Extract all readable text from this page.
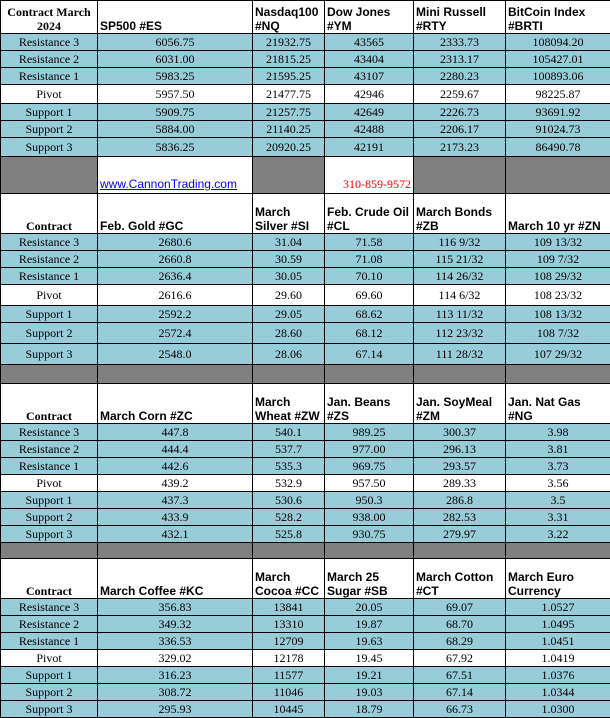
Contract March 2024	SP500 #ES	Nasdaq100 #NQ	Dow Jones #YM	Mini Russell #RTY	BitCoin Index #BRTI
Resistance 3	6056.75	21932.75	43565	2333.73	108094.20
Resistance 2	6031.00	21815.25	43404	2313.17	105427.01
Resistance 1	5983.25	21595.25	43107	2280.23	100893.06
Pivot	5957.50	21477.75	42946	2259.67	98225.87
Support 1	5909.75	21257.75	42649	2226.73	93691.92
Support 2	5884.00	21140.25	42488	2206.17	91024.73
Support 3	5836.25	20920.25	42191	2173.23	86490.78
	www.CannonTrading.com		310-859-9572		
Contract	Feb. Gold #GC	March Silver #SI	Feb. Crude Oil #CL	March Bonds #ZB	March 10 yr #ZN
Resistance 3	2680.6	31.04	71.58	116 9/32	109 13/32
Resistance 2	2660.8	30.59	71.08	115 21/32	109 7/32
Resistance 1	2636.4	30.05	70.10	114 26/32	108 29/32
Pivot	2616.6	29.60	69.60	114 6/32	108 23/32
Support 1	2592.2	29.05	68.62	113 11/32	108 13/32
Support 2	2572.4	28.60	68.12	112 23/32	108 7/32
Support 3	2548.0	28.06	67.14	111 28/32	107 29/32

Contract	March Corn #ZC	March Wheat #ZW	Jan. Beans #ZS	Jan. SoyMeal #ZM	Jan. Nat Gas #NG
Resistance 3	447.8	540.1	989.25	300.37	3.98
Resistance 2	444.4	537.7	977.00	296.13	3.81
Resistance 1	442.6	535.3	969.75	293.57	3.73
Pivot	439.2	532.9	957.50	289.33	3.56
Support 1	437.3	530.6	950.3	286.8	3.5
Support 2	433.9	528.2	938.00	282.53	3.31
Support 3	432.1	525.8	930.75	279.97	3.22

Contract	March Coffee #KC	March Cocoa #CC	March 25 Sugar #SB	March Cotton #CT	March Euro Currency
Resistance 3	356.83	13841	20.05	69.07	1.0527
Resistance 2	349.32	13310	19.87	68.70	1.0495
Resistance 1	336.53	12709	19.63	68.29	1.0451
Pivot	329.02	12178	19.45	67.92	1.0419
Support 1	316.23	11577	19.21	67.51	1.0376
Support 2	308.72	11046	19.03	67.14	1.0344
Support 3	295.93	10445	18.79	66.73	1.0300
